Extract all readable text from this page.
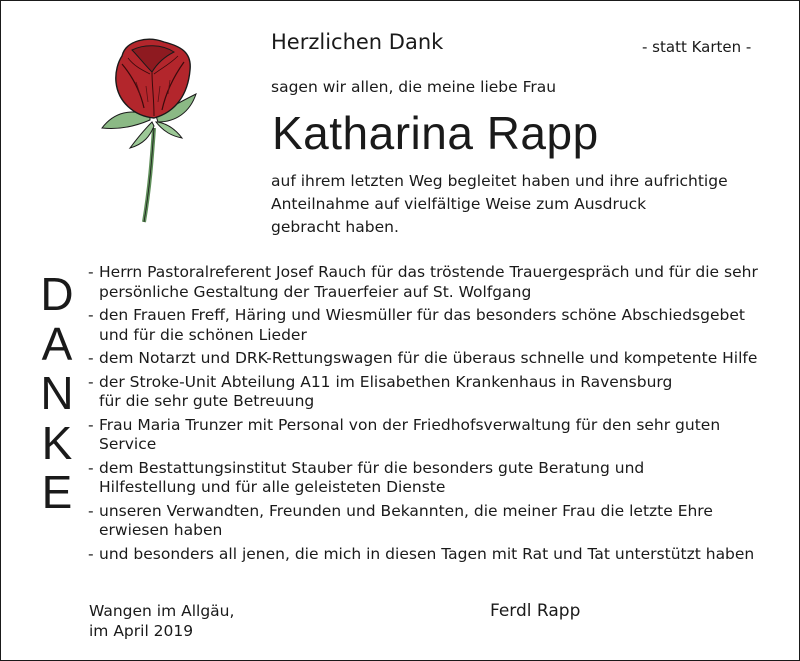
Herzlichen Dank	- statt Karten -
sagen wir allen, die meine liebe Frau
Katharina Rapp
auf ihrem letzten Weg begleitet haben und ihre aufrichtige
Anteilnahme auf vielfältige Weise zum Ausdruck
gebracht haben.
D
A
N
K
E
- Herrn Pastoralreferent Josef Rauch für das tröstende Trauergespräch und für die sehr
persönliche Gestaltung der Trauerfeier auf St. Wolfgang
- den Frauen Freff, Häring und Wiesmüller für das besonders schöne Abschiedsgebet
und für die schönen Lieder
- dem Notarzt und DRK-Rettungswagen für die überaus schnelle und kompetente Hilfe
- der Stroke-Unit Abteilung A11 im Elisabethen Krankenhaus in Ravensburg
für die sehr gute Betreuung
- Frau Maria Trunzer mit Personal von der Friedhofsverwaltung für den sehr guten
Service
- dem Bestattungsinstitut Stauber für die besonders gute Beratung und
Hilfestellung und für alle geleisteten Dienste
- unseren Verwandten, Freunden und Bekannten, die meiner Frau die letzte Ehre
erwiesen haben
- und besonders all jenen, die mich in diesen Tagen mit Rat und Tat unterstützt haben
Wangen im Allgäu,
im April 2019
Ferdl Rapp
